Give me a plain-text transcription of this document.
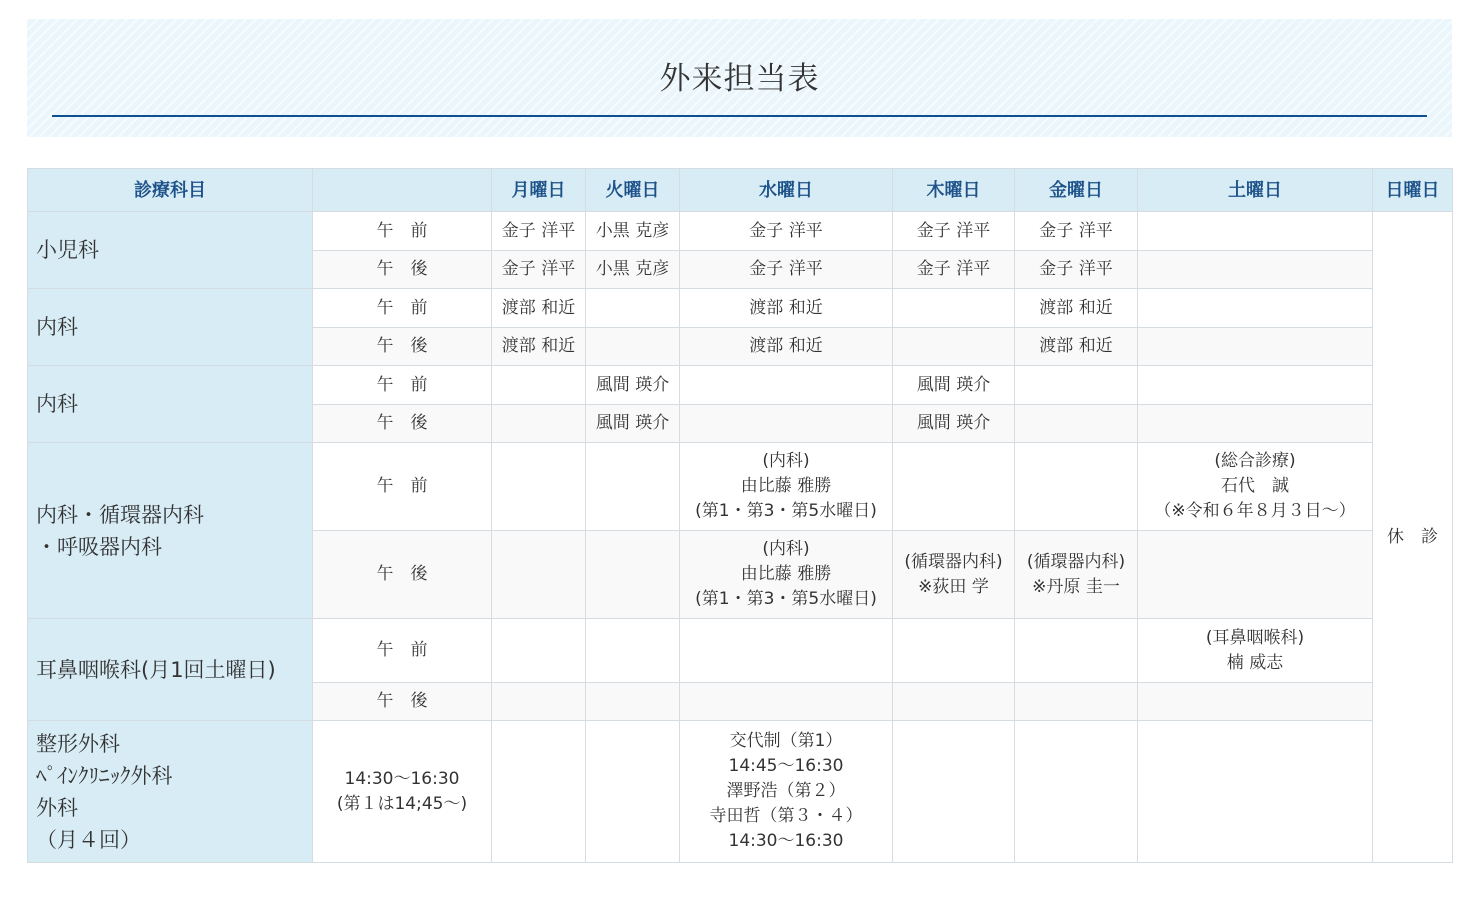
外来担当表
診療科目		月曜日	火曜日	水曜日	木曜日	金曜日	土曜日	日曜日

小児科	午　前	金子 洋平	小黒 克彦	金子 洋平	金子 洋平	金子 洋平		休　診
	午　後	金子 洋平	小黒 克彦	金子 洋平	金子 洋平	金子 洋平		

内科	午　前	渡部 和近		渡部 和近		渡部 和近		

	午　後	渡部 和近		渡部 和近		渡部 和近		

内科	午　前		風間 瑛介		風間 瑛介			

	午　後		風間 瑛介		風間 瑛介			

内科・循環器内科
・呼吸器内科	午　前			(内科)
由比藤 雅勝
(第1・第3・第5水曜日)			(総合診療)
石代　誠
（※令和６年８月３日～）	

	午　後			(内科)
由比藤 雅勝
(第1・第3・第5水曜日)	(循環器内科)
※荻田 学	(循環器内科)
※丹原 圭一		

耳鼻咽喉科(月1回土曜日)	午　前						(耳鼻咽喉科)
楠 威志	

	午　後							

整形外科
ﾍﾟｲﾝｸﾘﾆｯｸ外科
外科
（月４回）	14:30～16:30
(第１は14;45～)			交代制（第1）
14:45～16:30
澤野浩（第２）
寺田哲（第３・４）
14:30～16:30				
